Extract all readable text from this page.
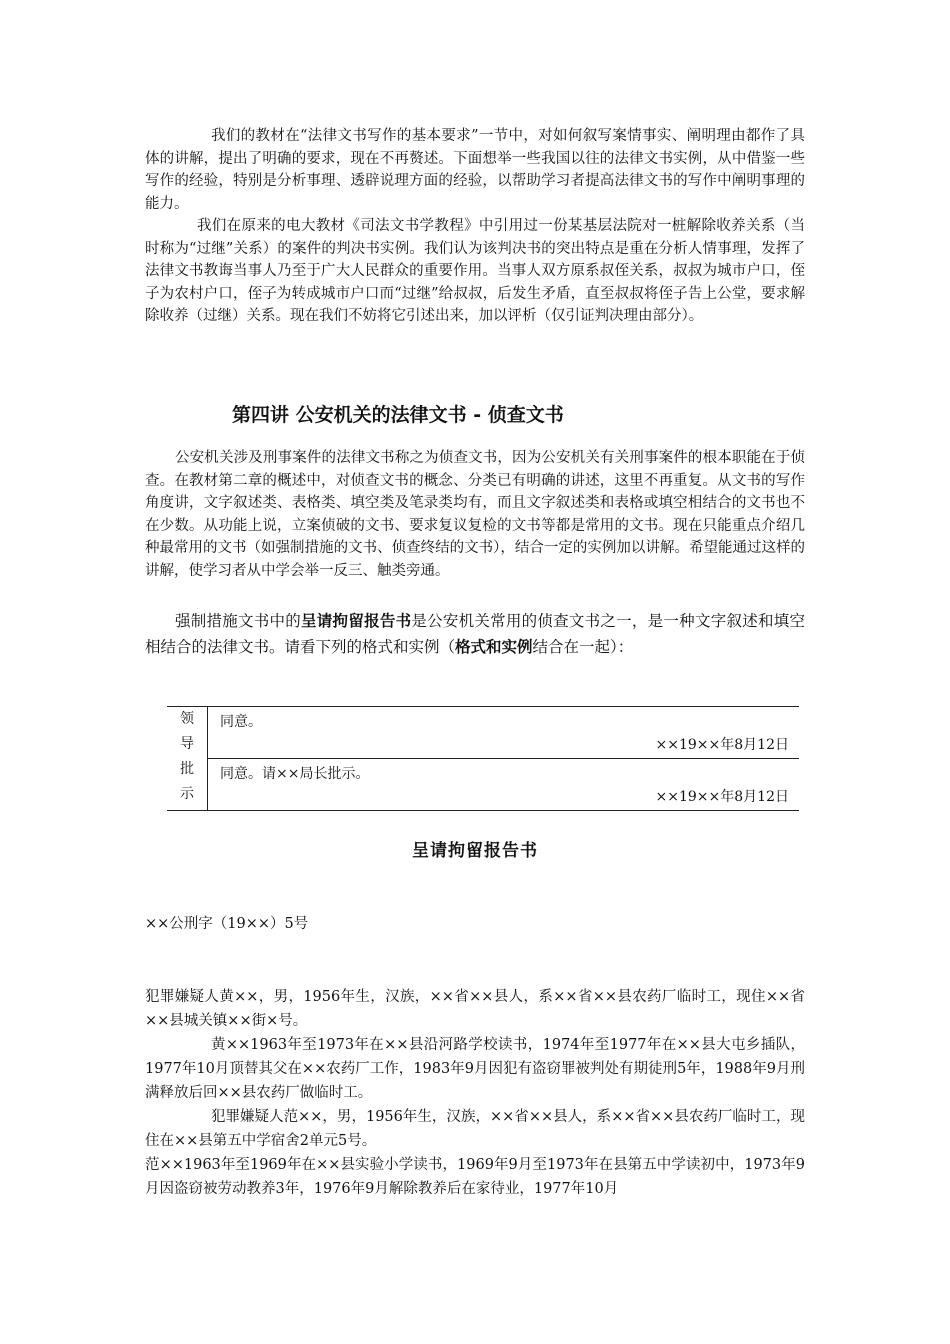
我们的教材在“法律文书写作的基本要求”一节中，对如何叙写案情事实、阐明理由都作了具体的讲解，提出了明确的要求，现在不再赘述。下面想举一些我国以往的法律文书实例，从中借鉴一些写作的经验，特别是分析事理、透辟说理方面的经验，以帮助学习者提高法律文书的写作中阐明事理的能力。

我们在原来的电大教材《司法文书学教程》中引用过一份某基层法院对一桩解除收养关系（当时称为“过继”关系）的案件的判决书实例。我们认为该判决书的突出特点是重在分析人情事理，发挥了法律文书教诲当事人乃至于广大人民群众的重要作用。当事人双方原系叔侄关系，叔叔为城市户口，侄子为农村户口，侄子为转成城市户口而“过继”给叔叔，后发生矛盾，直至叔叔将侄子告上公堂，要求解除收养（过继）关系。现在我们不妨将它引述出来，加以评析（仅引证判决理由部分）。

第四讲 公安机关的法律文书 - 侦查文书

公安机关涉及刑事案件的法律文书称之为侦查文书，因为公安机关有关刑事案件的根本职能在于侦查。在教材第二章的概述中，对侦查文书的概念、分类已有明确的讲述，这里不再重复。从文书的写作角度讲，文字叙述类、表格类、填空类及笔录类均有，而且文字叙述类和表格或填空相结合的文书也不在少数。从功能上说，立案侦破的文书、要求复议复检的文书等都是常用的文书。现在只能重点介绍几种最常用的文书（如强制措施的文书、侦查终结的文书），结合一定的实例加以讲解。希望能通过这样的讲解，使学习者从中学会举一反三、触类旁通。

强制措施文书中的呈请拘留报告书是公安机关常用的侦查文书之一，是一种文字叙述和填空相结合的法律文书。请看下列的格式和实例（格式和实例结合在一起）：

领
导
批
示
同意。
××19××年8月12日
同意。请××局长批示。
××19××年8月12日
呈请拘留报告书

××公刑字（19××）5号

犯罪嫌疑人黄××，男，1956年生，汉族，××省××县人，系××省××县农药厂临时工，现住××省××县城关镇××街×号。

黄××1963年至1973年在××县沿河路学校读书，1974年至1977年在××县大屯乡插队，1977年10月顶替其父在××农药厂工作，1983年9月因犯有盗窃罪被判处有期徒刑5年，1988年9月刑满释放后回××县农药厂做临时工。

犯罪嫌疑人范××，男，1956年生，汉族，××省××县人，系××省××县农药厂临时工，现住在××县第五中学宿舍2单元5号。

范××1963年至1969年在××县实验小学读书，1969年9月至1973年在县第五中学读初中，1973年9月因盗窃被劳动教养3年，1976年9月解除教养后在家待业，1977年10月
